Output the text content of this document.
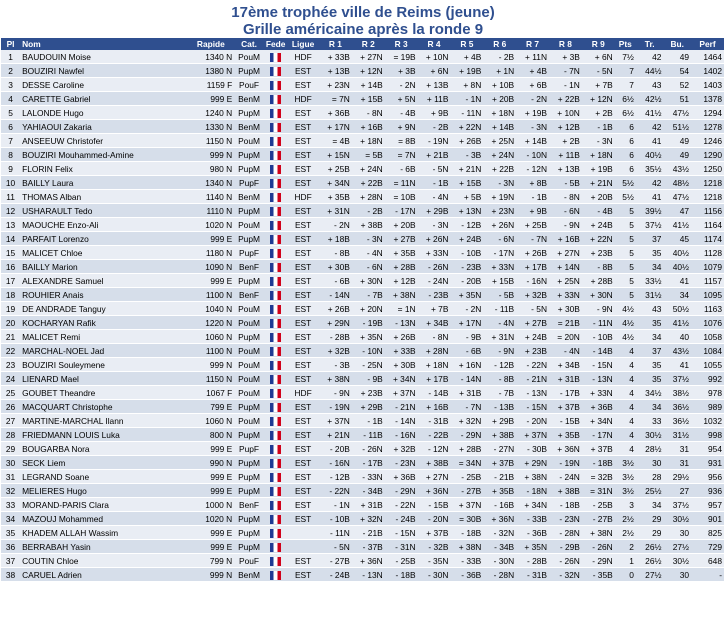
17ème trophée ville de Reims (jeune)
Grille américaine après la ronde 9
Pl	Nom	Rapide	Cat.	Fede	Ligue	R 1	R 2	R 3	R 4	R 5	R 6	R 7	R 8	R 9	Pts	Tr.	Bu.	Perf
1	BAUDOUIN Moise	1340 N	PouM		HDF	+ 33B	+ 27N	= 19B	+ 10N	+ 4B	- 2B	+ 11N	+ 3B	+ 6N	7½	42	49	1464
2	BOUZIRI Nawfel	1380 N	PupM		EST	+ 13B	+ 12N	+ 3B	+ 6N	+ 19B	+ 1N	+ 4B	- 7N	- 5N	7	44½	54	1402
3	DESSE Caroline	1159 F	PouF		EST	+ 23N	+ 14B	- 2N	+ 13B	+ 8N	+ 10B	+ 6B	- 1N	+ 7B	7	43	52	1403
4	CARETTE Gabriel	999 E	BenM		HDF	= 7N	+ 15B	+ 5N	+ 11B	- 1N	+ 20B	- 2N	+ 22B	+ 12N	6½	42½	51	1378
5	LALONDE Hugo	1240 N	PupM		EST	+ 36B	- 8N	- 4B	+ 9B	- 11N	+ 18N	+ 19B	+ 10N	+ 2B	6½	41½	47½	1294
6	YAHIAOUI Zakaria	1330 N	BenM		EST	+ 17N	+ 16B	+ 9N	- 2B	+ 22N	+ 14B	- 3N	+ 12B	- 1B	6	42	51½	1278
7	ANSEEUW Christofer	1150 N	PouM		EST	= 4B	+ 18N	= 8B	- 19N	+ 26B	+ 25N	+ 14B	+ 2B	- 3N	6	41	49	1246
8	BOUZIRI Mouhammed-Amine	999 N	PupM		EST	+ 15N	= 5B	= 7N	+ 21B	- 3B	+ 24N	- 10N	+ 11B	+ 18N	6	40½	49	1290
9	FLORIN Felix	980 N	PupM		EST	+ 25B	+ 24N	- 6B	- 5N	+ 21N	+ 22B	- 12N	+ 13B	+ 19B	6	35½	43½	1250
10	BAILLY Laura	1340 N	PupF		EST	+ 34N	+ 22B	= 11N	- 1B	+ 15B	- 3N	+ 8B	- 5B	+ 21N	5½	42	48½	1218
11	THOMAS Alban	1140 N	BenM		HDF	+ 35B	+ 28N	= 10B	- 4N	+ 5B	+ 19N	- 1B	- 8N	+ 20B	5½	41	47½	1218
12	USHARAULT Tedo	1110 N	PupM		EST	+ 31N	- 2B	- 17N	+ 29B	+ 13N	+ 23N	+ 9B	- 6N	- 4B	5	39½	47	1156
13	MAOUCHE Enzo-Ali	1020 N	PouM		EST	- 2N	+ 38B	+ 20B	- 3N	- 12B	+ 26N	+ 25B	- 9N	+ 24B	5	37½	41½	1164
14	PARFAIT Lorenzo	999 E	PupM		EST	+ 18B	- 3N	+ 27B	+ 26N	+ 24B	- 6N	- 7N	+ 16B	+ 22N	5	37	45	1174
15	MALICET Chloe	1180 N	PupF		EST	- 8B	- 4N	+ 35B	+ 33N	- 10B	- 17N	+ 26B	+ 27N	+ 23B	5	35	40½	1128
16	BAILLY Marion	1090 N	BenF		EST	+ 30B	- 6N	+ 28B	- 26N	- 23B	+ 33N	+ 17B	+ 14N	- 8B	5	34	40½	1079
17	ALEXANDRE Samuel	999 E	PupM		EST	- 6B	+ 30N	+ 12B	- 24N	- 20B	+ 15B	- 16N	+ 25N	+ 28B	5	33½	41	1157
18	ROUHIER Anais	1100 N	BenF		EST	- 14N	- 7B	+ 38N	- 23B	+ 35N	- 5B	+ 32B	+ 33N	+ 30N	5	31½	34	1095
19	DE ANDRADE Tanguy	1040 N	PouM		EST	+ 26B	+ 20N	= 1N	+ 7B	- 2N	- 11B	- 5N	+ 30B	- 9N	4½	43	50½	1163
20	KOCHARYAN Rafik	1220 N	PouM		EST	+ 29N	- 19B	- 13N	+ 34B	+ 17N	- 4N	+ 27B	= 21B	- 11N	4½	35	41½	1076
21	MALICET Remi	1060 N	PupM		EST	- 28B	+ 35N	+ 26B	- 8N	- 9B	+ 31N	+ 24B	= 20N	- 10B	4½	34	40	1058
22	MARCHAL-NOEL Jad	1100 N	PouM		EST	+ 32B	- 10N	+ 33B	+ 28N	- 6B	- 9N	+ 23B	- 4N	- 14B	4	37	43½	1084
23	BOUZIRI Souleymene	999 N	PouM		EST	- 3B	- 25N	+ 30B	+ 18N	+ 16N	- 12B	- 22N	+ 34B	- 15N	4	35	41	1055
24	LIENARD Mael	1150 N	PouM		EST	+ 38N	- 9B	+ 34N	+ 17B	- 14N	- 8B	- 21N	+ 31B	- 13N	4	35	37½	992
25	GOUBET Theandre	1067 F	PouM		HDF	- 9N	+ 23B	+ 37N	- 14B	+ 31B	- 7B	- 13N	- 17B	+ 33N	4	34½	38½	978
26	MACQUART Christophe	799 E	PupM		EST	- 19N	+ 29B	- 21N	+ 16B	- 7N	- 13B	- 15N	+ 37B	+ 36B	4	34	36½	989
27	MARTINE-MARCHAL Ilann	1060 N	PouM		EST	+ 37N	- 1B	- 14N	- 31B	+ 32N	+ 29B	- 20N	- 15B	+ 34N	4	33	36½	1032
28	FRIEDMANN LOUIS Luka	800 N	PupM		EST	+ 21N	- 11B	- 16N	- 22B	- 29N	+ 38B	+ 37N	+ 35B	- 17N	4	30½	31½	998
29	BOUGARBA Nora	999 E	PupF		EST	- 20B	- 26N	+ 32B	- 12N	+ 28B	- 27N	- 30B	+ 36N	+ 37B	4	28½	31	954
30	SECK Liem	990 N	PupM		EST	- 16N	- 17B	- 23N	+ 38B	= 34N	+ 37B	+ 29N	- 19N	- 18B	3½	30	31	931
31	LEGRAND Soane	999 E	PupM		EST	- 12B	- 33N	+ 36B	+ 27N	- 25B	- 21B	+ 38N	- 24N	= 32B	3½	28	29½	956
32	MELIERES Hugo	999 E	PupM		EST	- 22N	- 34B	- 29N	+ 36N	- 27B	+ 35B	- 18N	+ 38B	= 31N	3½	25½	27	936
33	MORAND-PARIS Clara	1000 N	BenF		EST	- 1N	+ 31B	- 22N	- 15B	+ 37N	- 16B	+ 34N	- 18B	- 25B	3	34	37½	957
34	MAZOUJ Mohammed	1020 N	PupM		EST	- 10B	+ 32N	- 24B	- 20N	= 30B	+ 36N	- 33B	- 23N	- 27B	2½	29	30½	901
35	KHADEM ALLAH Wassim	999 E	PupM			- 11N	- 21B	- 15N	+ 37B	- 18B	- 32N	- 36B	- 28N	+ 38N	2½	29	30	825
36	BERRABAH Yasin	999 E	PupM			- 5N	- 37B	- 31N	- 32B	+ 38N	- 34B	+ 35N	- 29B	- 26N	2	26½	27½	729
37	COUTIN Chloe	799 N	PouF		EST	- 27B	+ 36N	- 25B	- 35N	- 33B	- 30N	- 28B	- 26N	- 29N	1	26½	30½	648
38	CARUEL Adrien	999 N	BenM		EST	- 24B	- 13N	- 18B	- 30N	- 36B	- 28N	- 31B	- 32N	- 35B	0	27½	30	-
